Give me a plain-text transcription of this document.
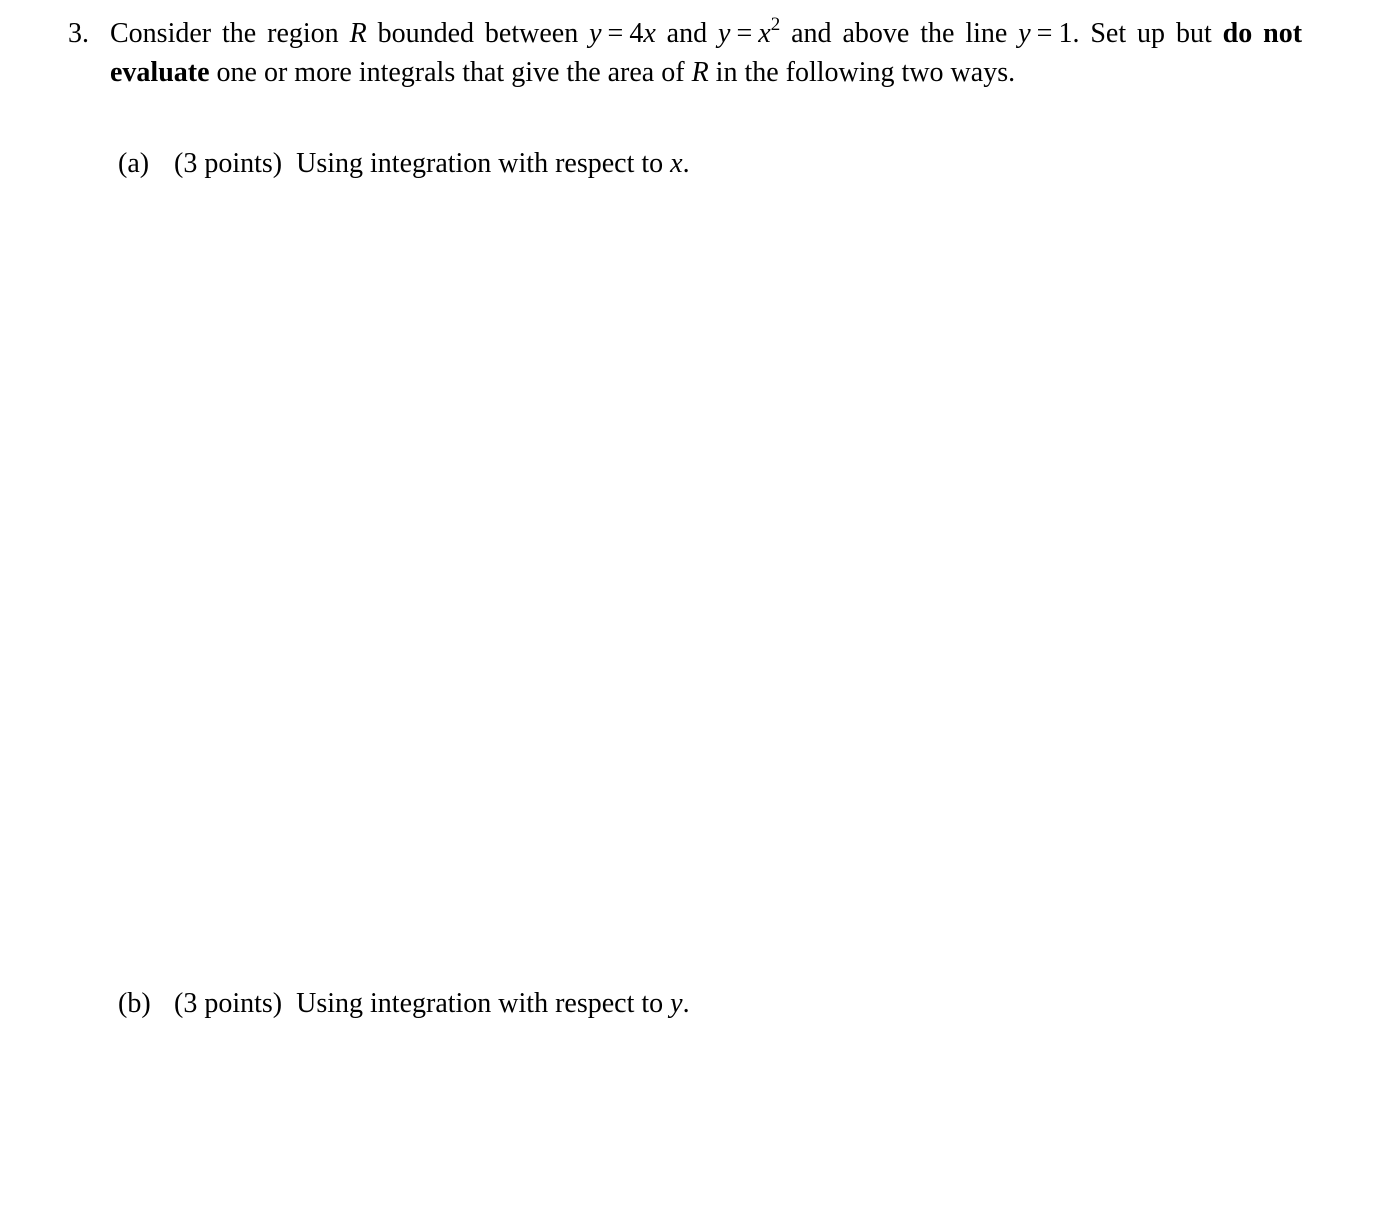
3. Consider the region R bounded between y = 4x and $y = x^2$ and above the line y = 1. Set up but do not evaluate one or more integrals that give the area of R in the following two ways.
(a) (3 points) Using integration with respect to x.
(b) (3 points) Using integration with respect to y.
